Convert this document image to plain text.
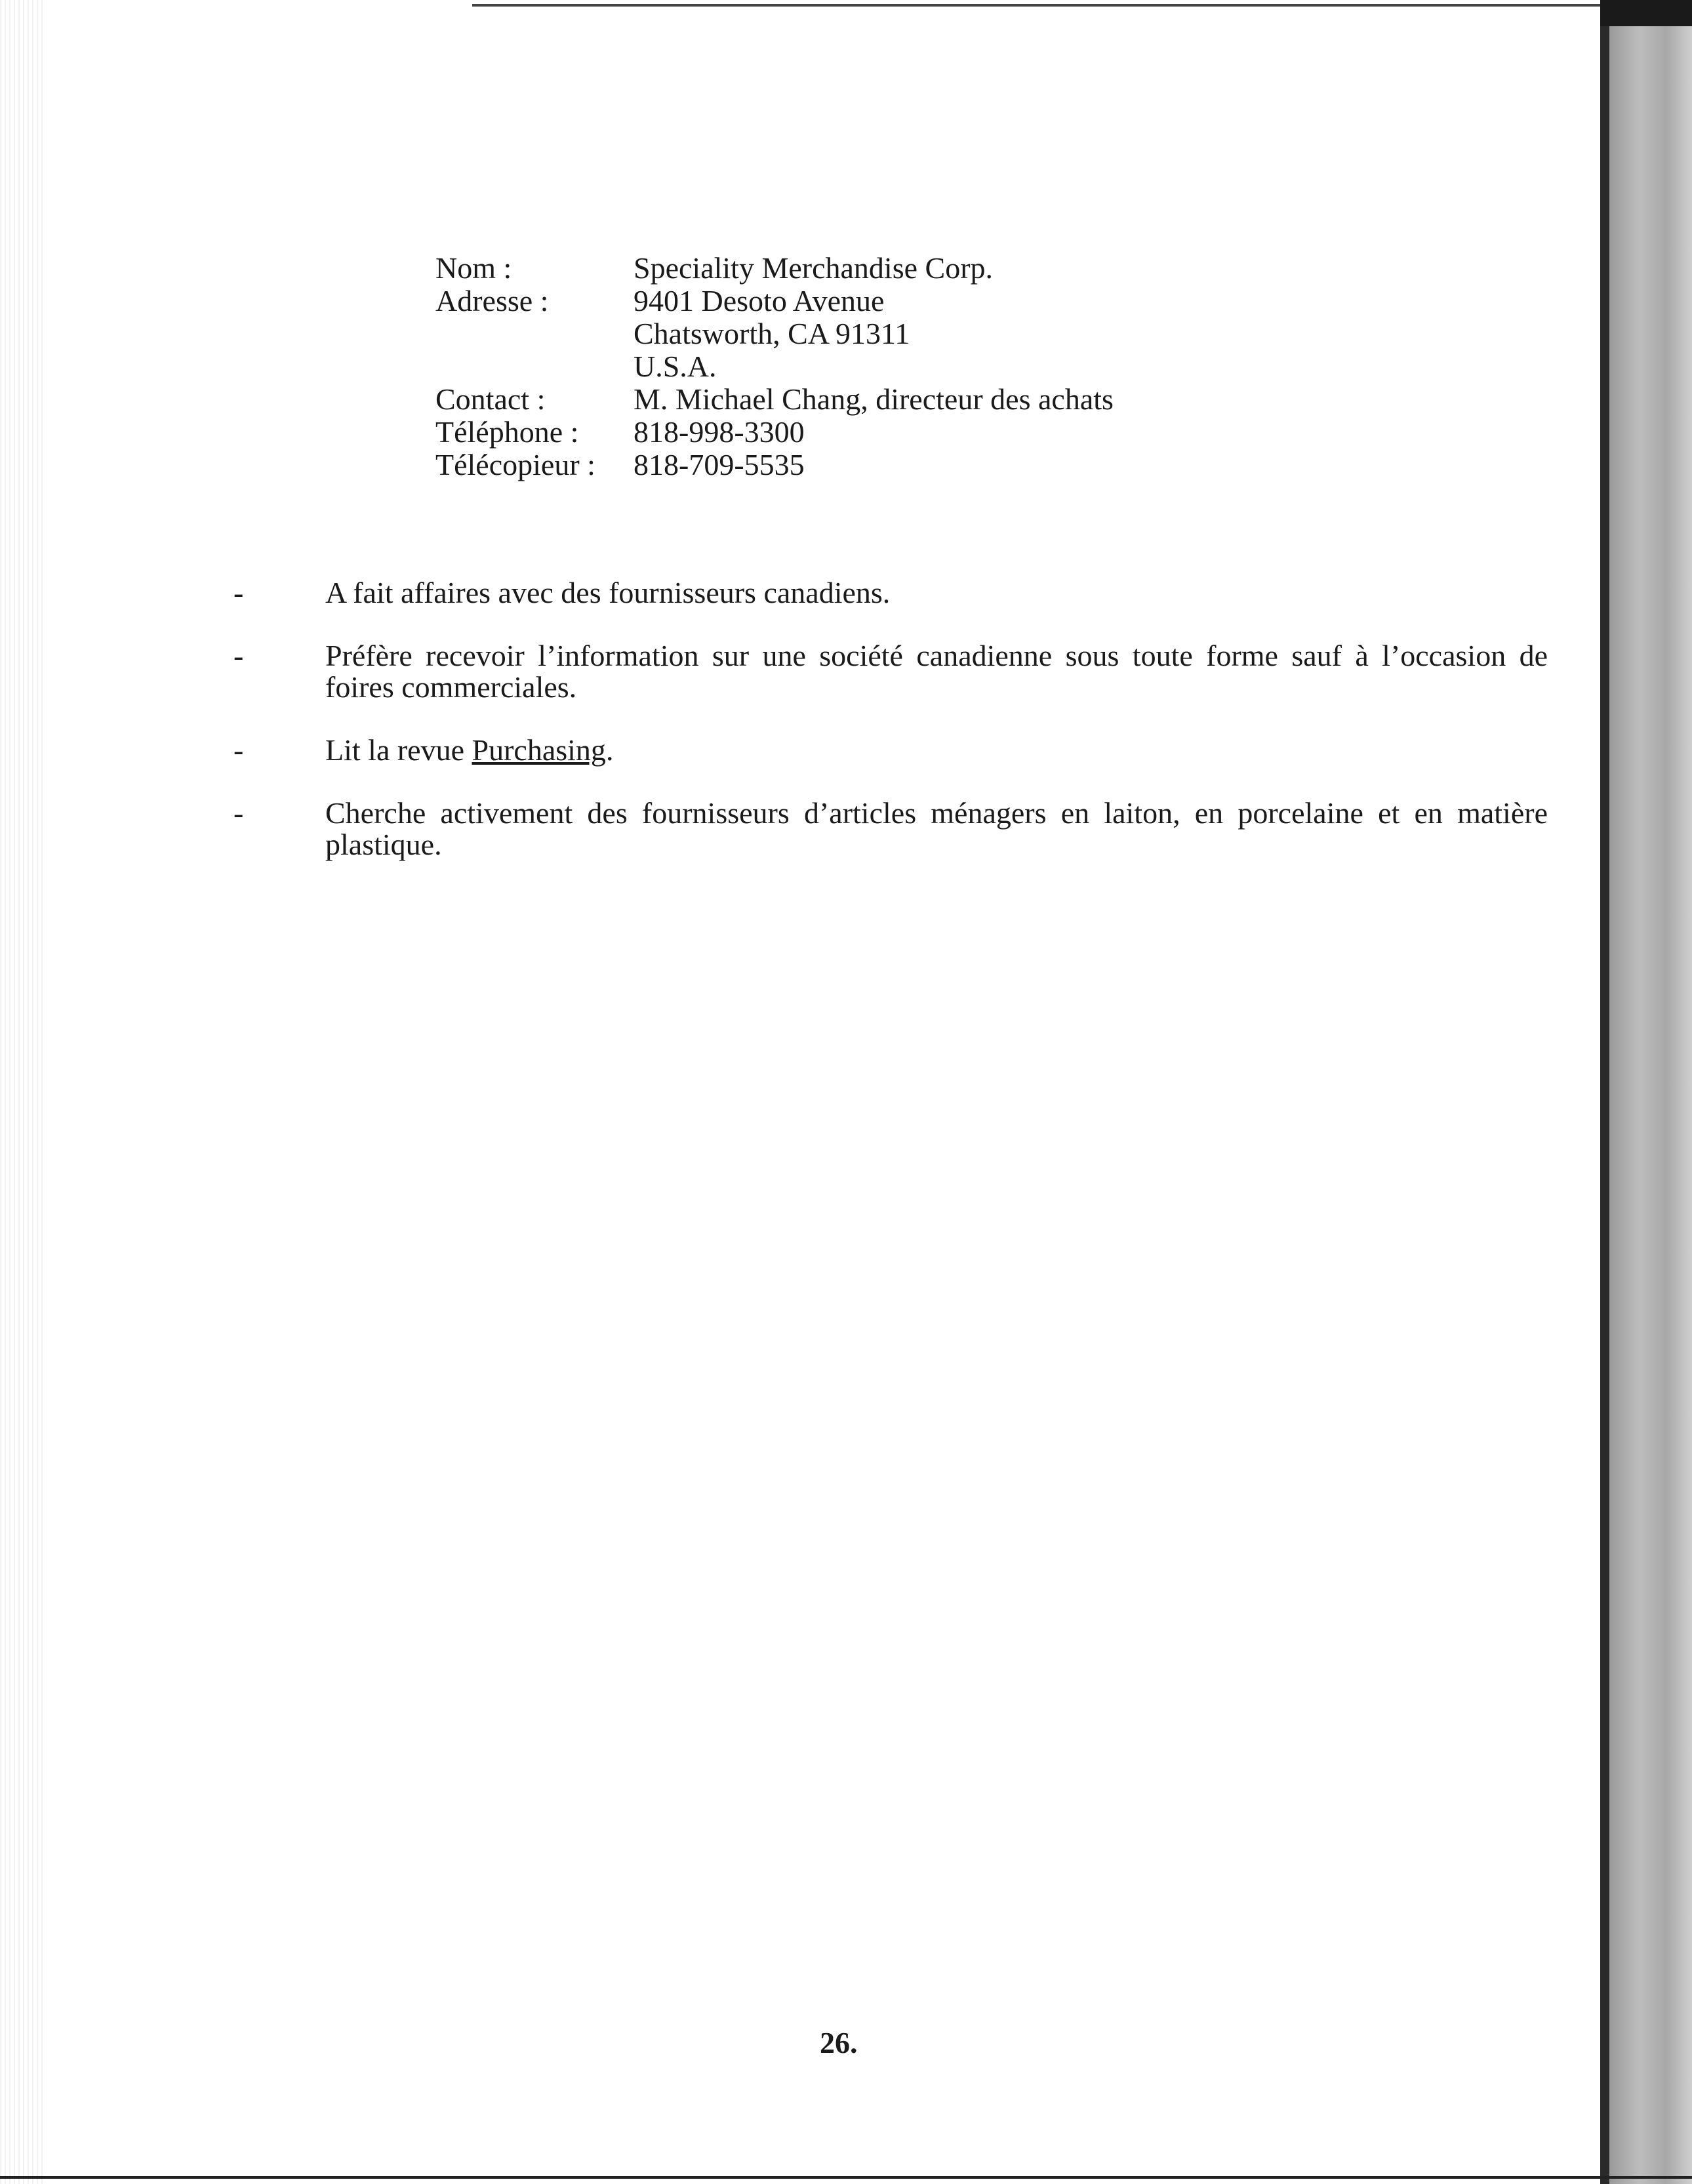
Nom :	Speciality Merchandise Corp.
Adresse :	9401 Desoto Avenue
Chatsworth, CA 91311
U.S.A.
Contact :	M. Michael Chang, directeur des achats
Téléphone :	818-998-3300
Télécopieur :	818-709-5535
-	A fait affaires avec des fournisseurs canadiens.
-	Préfère recevoir l’information sur une société canadienne sous toute forme sauf à l’occasion de foires commerciales.
-	Lit la revue Purchasing.
-	Cherche activement des fournisseurs d’articles ménagers en laiton, en porcelaine et en matière plastique.
26.
